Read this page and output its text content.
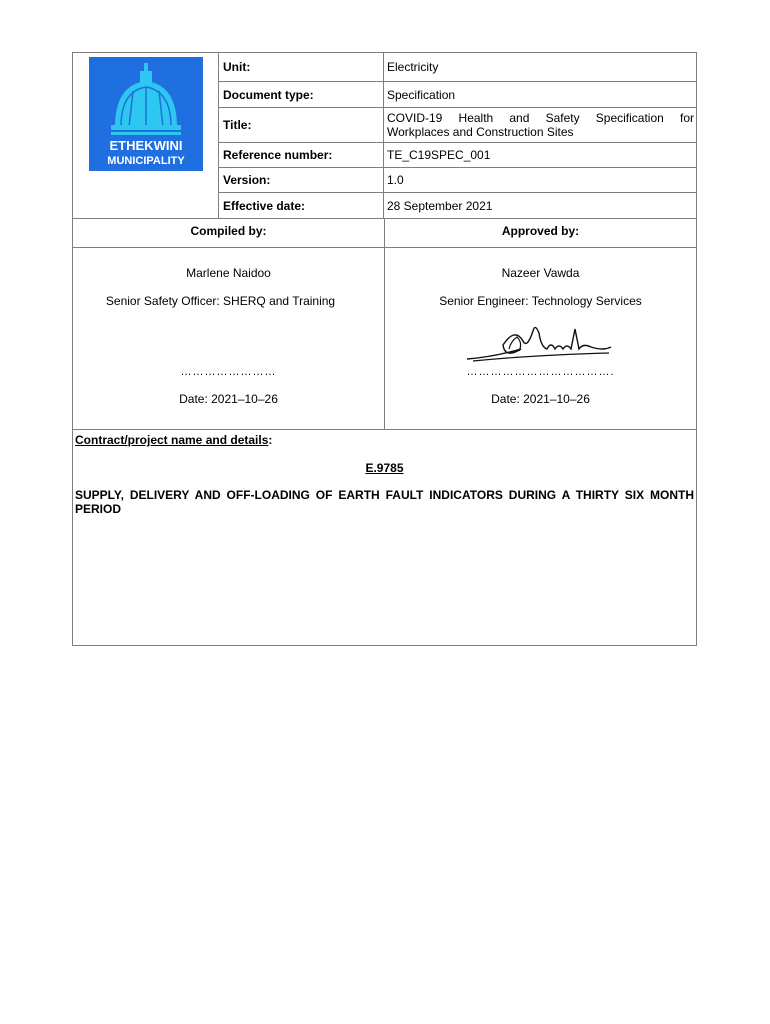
ETHEKWINI
MUNICIPALITY
Unit:	Electricity
Document type:	Specification
Title:	COVID-19 Health and Safety Specification for Workplaces and Construction Sites
Reference number:	TE_C19SPEC_001
Version:	1.0
Effective date:	28 September 2021
Compiled by:	Approved by:
Marlene Naidoo
Senior Safety Officer: SHERQ and Training
……………………
Date: 2021–10–26
Nazeer Vawda
Senior Engineer: Technology Services
……………………………….
Date: 2021–10–26
Contract/project name and details:
E.9785
SUPPLY, DELIVERY AND OFF-LOADING OF EARTH FAULT INDICATORS DURING A THIRTY SIX MONTH PERIOD
